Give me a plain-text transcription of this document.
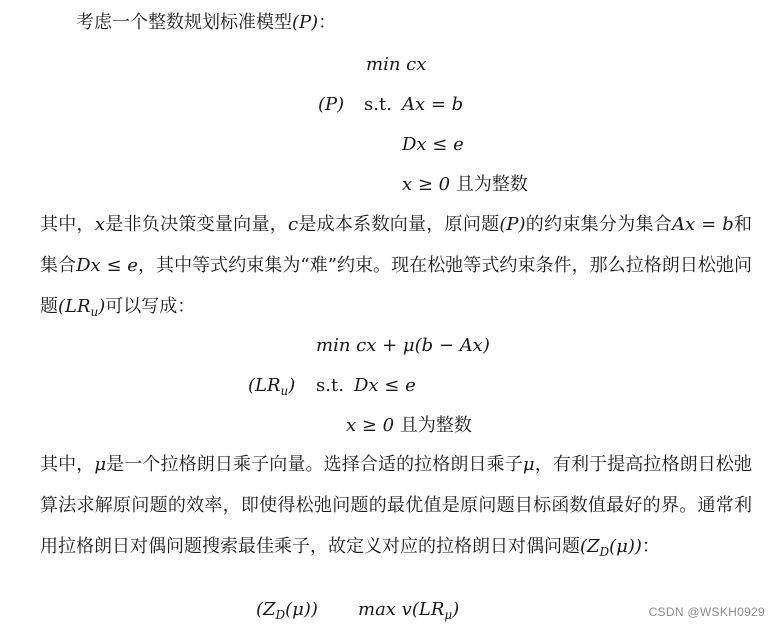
考虑一个整数规划标准模型(P)：
min cx
(P) s.t. Ax = b
Dx ≤ e
x ≥ 0 且为整数
其中，x是非负决策变量向量，c是成本系数向量，原问题(P)的约束集分为集合Ax = b和集合Dx ≤ e，其中等式约束集为“难”约束。现在松弛等式约束条件，那么拉格朗日松弛问题$(LR_u)$可以写成：
min cx + μ(b − Ax)
$(LR_u)$ s.t. Dx ≤ e
x ≥ 0 且为整数
其中，μ是一个拉格朗日乘子向量。选择合适的拉格朗日乘子μ，有利于提高拉格朗日松弛算法求解原问题的效率，即使得松弛问题的最优值是原问题目标函数值最好的界。通常利用拉格朗日对偶问题搜索最佳乘子，故定义对应的拉格朗日对偶问题$(Z_D(\mu))$：
$(Z_D(\mu))$ $\max v(LR_\mu)$	CSDN @WSKH0929
